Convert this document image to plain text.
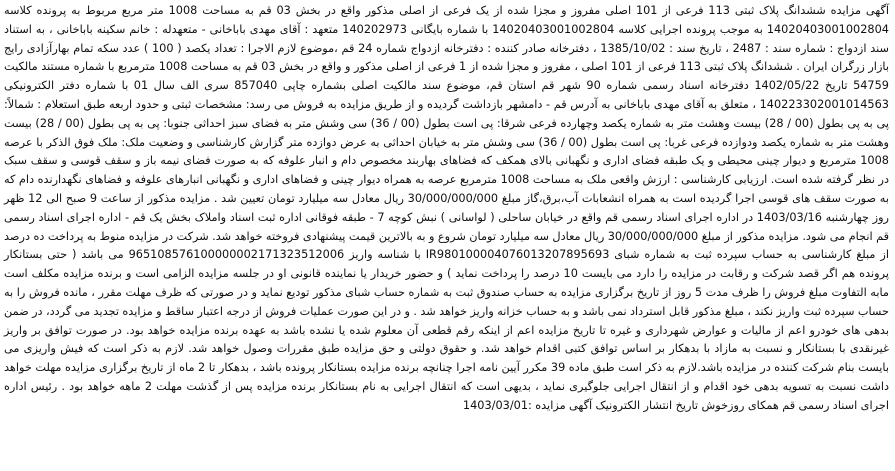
آگهی مزایده ششدانگ پلاک ثبتی 113 فرعی از 101 اصلی مفروز و مجزا شده از یک فرعی از اصلی مذکور واقع در بخش 03 قم به مساحت 1008 متر مربع مربوط به پرونده کلاسه 14020403001002804 به موجب پرونده اجرایی کلاسه 14020403001002804 با شماره بایگانی 140202973 متعهد : آقای مهدی باباخانی - متعهدله : خانم سکینه باباخانی ، به استناد سند ازدواج : شماره سند : 2487 ، تاریخ سند : 1385/10/02 ، دفترخانه صادر کننده : دفترخانه ازدواج شماره 24 قم ،موضوع لازم الاجرا : تعداد یکصد ( 100 ) عدد سکه تمام بهارآزادی رایج بازار زرگران ایران . ششدانگ پلاک ثبتی 113 فرعی از 101 اصلی ، مفروز و مجزا شده از 1 فرعی از اصلی مذکور و واقع در بخش 03 قم به مساحت 1008 مترمربع با شماره مستند مالکیت 54759 تاریخ 1402/05/22 دفترخانه اسناد رسمی شماره 90 شهر قم استان قم، موضوع سند مالکیت اصلی بشماره چاپی 857040 سری الف سال 01 با شماره دفتر الکترونیکی 140223302001014563 ، متعلق به آقای مهدی باباخانی به آدرس قم - دامشهر بازداشت گردیده و از طریق مزایده به فروش می رسد: مشخصات ثبتی و حدود اربعه طبق استعلام : شمالاً: پی به پی بطول (00 / 28) بیست وهشت متر به شماره یکصد وچهارده فرعی شرقا: پی است بطول (00 / 36) سی وشش متر به فضای سبز احداثی جنوبا: پی به پی بطول (00 / 28) بیست وهشت متر به شماره یکصد ودوازده فرعی غربا: پی است بطول (00 / 36) سی وشش متر به خیابان احداثی به عرض دوازده متر گزارش کارشناسی و وضعیت ملک: ملک فوق الذکر با عرصه 1008 مترمربع و دیوار چینی محیطی و یک طبقه فضای اداری و نگهبانی بالای همکف که فضاهای بهاربند مخصوص دام و انبار علوفه که به صورت فضای نیمه باز و سقف قوسی و سقف سبک در نظر گرفته شده است. ارزیابی کارشناسی : ارزش واقعی ملک به مساحت 1008 مترمربع عرصه به همراه دیوار چینی و فضاهای اداری و نگهبانی انبارهای علوفه و فضاهای نگهدارنده دام که به صورت سقف های قوسی اجرا گردیده است به همراه انشعابات آب،برق،گاز مبلغ 30/000/000/000 ریال معادل سه میلیارد تومان تعیین شد . مزایده مذکور از ساعت 9 صبح الی 12 ظهر روز چهارشنبه 1403/03/16 در اداره اجرای اسناد رسمی قم واقع در خیابان ساحلی ( لواسانی ) نبش کوچه 7 - طبقه فوقانی اداره ثبت اسناد واملاک بخش یک قم - اداره اجرای اسناد رسمی قم انجام می شود. مزایده مذکور از مبلغ 30/000/000/000 ریال معادل سه میلیارد تومان شروع و به بالاترین قیمت پیشنهادی فروخته خواهد شد. شرکت در مزایده منوط به پرداخت ده درصد از مبلغ کارشناسی به حساب سپرده ثبت به شماره شبای IR980100004076013207895693 با شناسه واریز 965108576100000002171323512006 می باشد ( حتی بستانکار پرونده هم اگر قصد شرکت و رقابت در مزایده را دارد می بایست 10 درصد را پرداخت نماید ) و حضور خریدار یا نماینده قانونی او در جلسه مزایده الزامی است و برنده مزایده مکلف است مابه التفاوت مبلغ فروش را ظرف مدت 5 روز از تاریخ برگزاری مزایده به حساب صندوق ثبت به شماره حساب شبای مذکور تودیع نماید و در صورتی که ظرف مهلت مقرر ، مانده فروش را به حساب سپرده ثبت واریز نکند ، مبلغ مذکور قابل استرداد نمی باشد و به حساب خزانه واریز خواهد شد . و در این صورت عملیات فروش از درجه اعتبار ساقط و مزایده تجدید می گردد، در ضمن بدهی های خودرو اعم از مالیات و عوارض شهرداری و غیره تا تاریخ مزایده اعم از اینکه رقم قطعی آن معلوم شده یا نشده باشد به عهده برنده مزایده خواهد بود. در صورت توافق بر واریز غیرنقدی با بستانکار و نسبت به مازاد با بدهکار بر اساس توافق کتبی اقدام خواهد شد. و حقوق دولتی و حق مزایده طبق مقررات وصول خواهد شد. لازم به ذکر است که فیش واریزی می بایست بنام شرکت کننده در مزایده باشد.لازم به ذکر است طبق ماده 39 مکرر آیین نامه اجرا چنانچه برنده مزایده بستانکار پرونده باشد ، بدهکار تا 2 ماه از تاریخ برگزاری مزایده مهلت خواهد داشت نسبت به تسویه بدهی خود اقدام و از انتقال اجرایی جلوگیری نماید ، بدیهی است که انتقال اجرایی به نام بستانکار برنده مزایده پس از گذشت مهلت 2 ماهه خواهد بود . رئیس اداره اجرای اسناد رسمی قم همکای روزخوش تاریخ انتشار الکترونیک آگهی مزایده :1403/03/01
